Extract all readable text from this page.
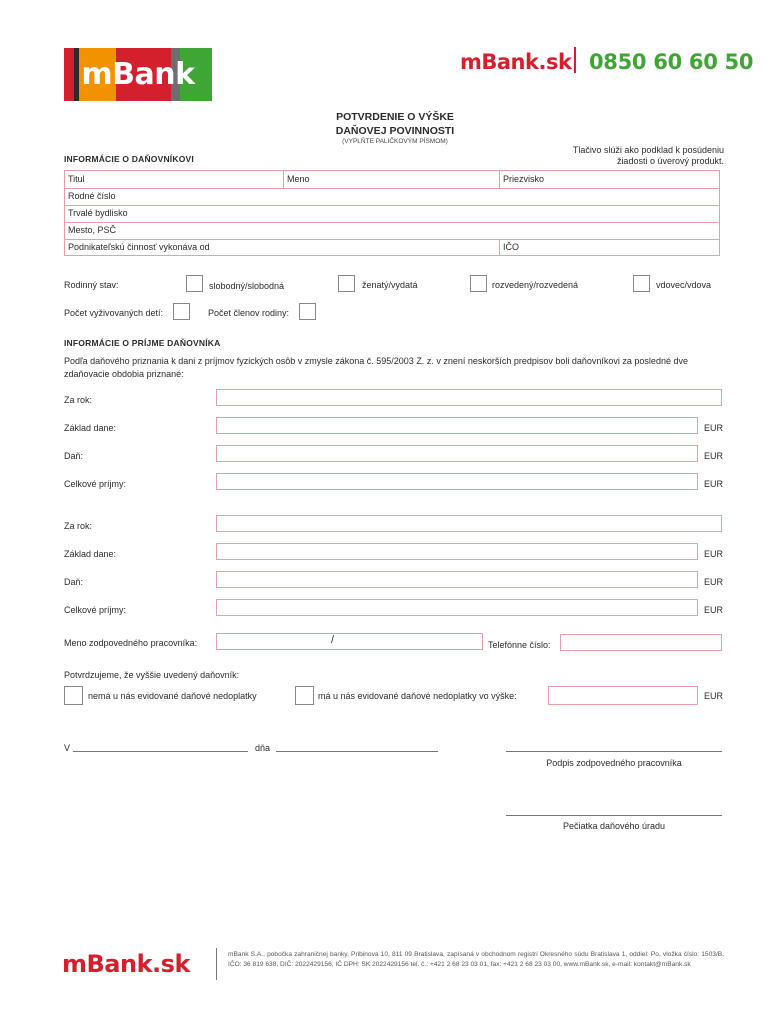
mBank	mBank.sk 0850 60 60 50
POTVRDENIE O VÝŠKE
DAŇOVEJ POVINNOSTI
(VYPLŇTE PALIČKOVÝM PÍSMOM)
Tlačivo slúži ako podklad k posúdeniu
žiadosti o úverový produkt.
INFORMÁCIE O DAŇOVNÍKOVI
Titul	Meno	Priezvisko
Rodné číslo
Trvalé bydlisko
Mesto, PSČ
Podnikateľskú činnosť vykonáva od	IČO
Rodinný stav:	slobodný/slobodná	ženatý/vydatá	rozvedený/rozvedená	vdovec/vdova
Počet vyživovaných detí:	Počet členov rodiny:
INFORMÁCIE O PRÍJME DAŇOVNÍKA
Podľa daňového priznania k dani z príjmov fyzických osôb v zmysle zákona č. 595/2003 Z. z. v znení neskorších predpisov boli daňovníkovi za posledné dve
zdaňovacie obdobia priznané:
Za rok:
Základ dane:	EUR
Daň:	EUR
Celkové príjmy:	EUR
Za rok:
Základ dane:	EUR
Daň:	EUR
Celkové príjmy:	EUR
Meno zodpovedného pracovníka:	/	Telefónne číslo:
Potvrdzujeme, že vyššie uvedený daňovník:
nemá u nás evidované daňové nedoplatky	má u nás evidované daňové nedoplatky vo výške:	EUR
V	dňa
Podpis zodpovedného pracovníka
Pečiatka daňového úradu
mBank.sk	mBank S.A., pobočka zahraničnej banky, Pribinova 10, 811 09 Bratislava, zapísaná v obchodnom registri Okresného súdu Bratislava 1, oddiel: Po, vložka číslo: 1503/B, IČO: 36 819 638, DIČ: 2022429156, IČ DPH: SK 2022429156 tel. č.: +421 2 68 23 03 01, fax: +421 2 68 23 03 00, www.mBank.sk, e-mail: kontakt@mBank.sk
